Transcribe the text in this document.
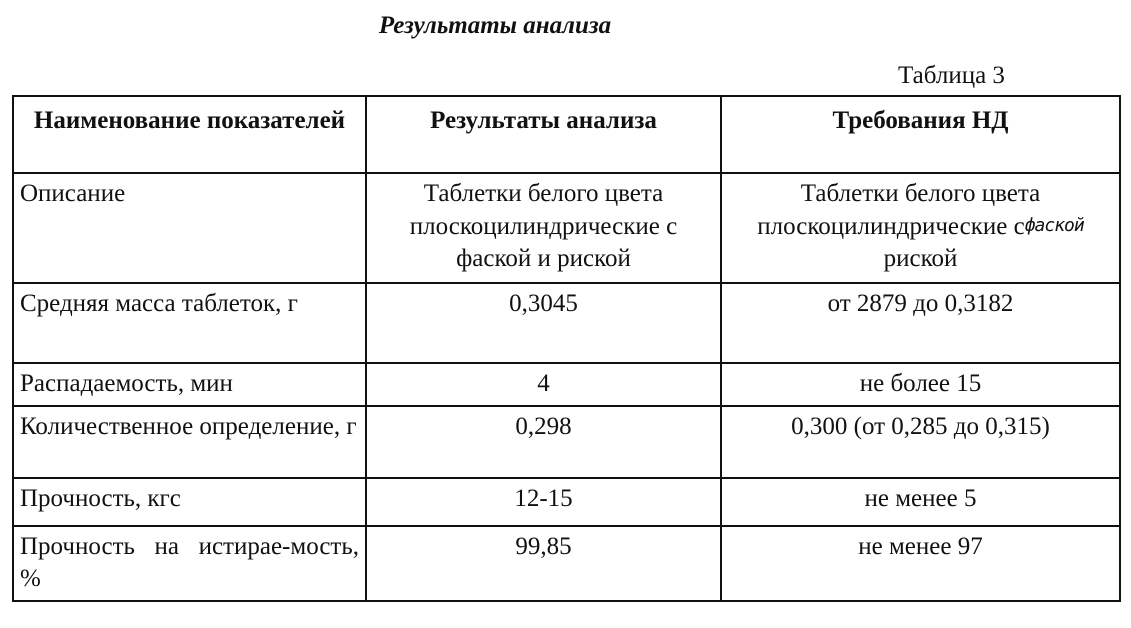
Результаты анализа
Таблица 3
Наименование показателей	Результаты анализа	Требования НД
Описание	Таблетки белого цвета плоскоцилиндрические с фаской и риской	Таблетки белого цвета плоскоцилиндрические сфаской риской
Средняя масса таблеток, г	0,3045	от 2879 до 0,3182
Распадаемость, мин	4	не более 15
Количественное определение, г	0,298	0,300 (от 0,285 до 0,315)
Прочность, кгс	12-15	не менее 5
Прочность на истирае-мость, %	99,85	не менее 97
